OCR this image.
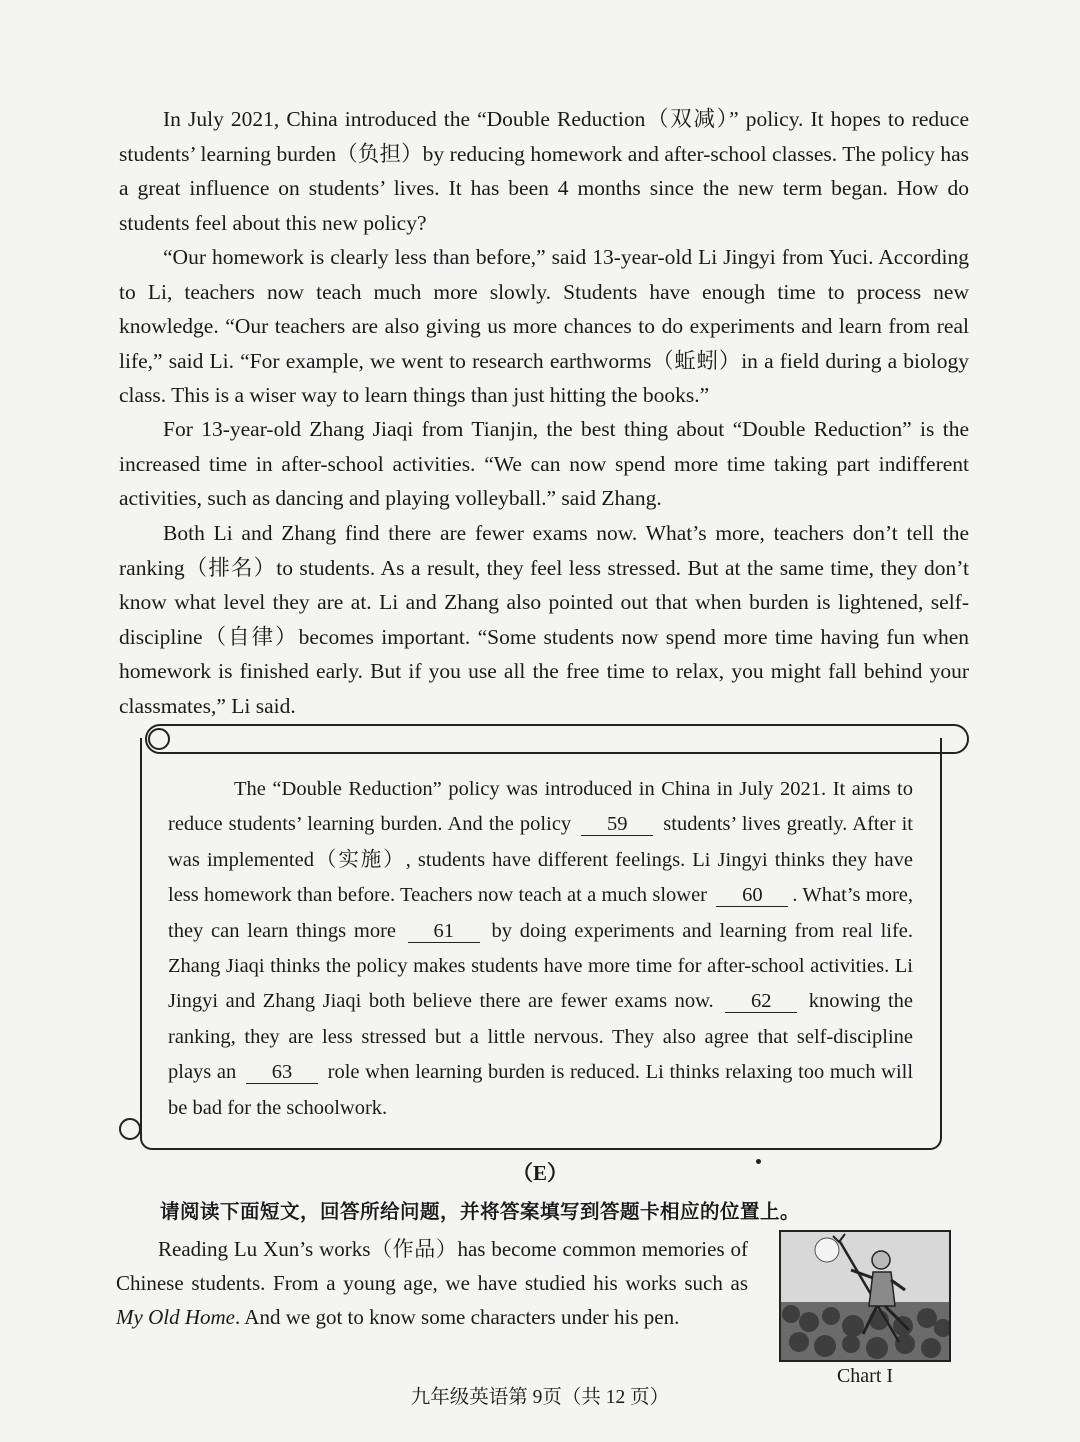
In July 2021, China introduced the “Double Reduction（双减）” policy. It hopes to reduce students’ learning burden（负担）by reducing homework and after-school classes. The policy has a great influence on students’ lives. It has been 4 months since the new term began. How do students feel about this new policy?

“Our homework is clearly less than before,” said 13-year-old Li Jingyi from Yuci. According to Li, teachers now teach much more slowly. Students have enough time to process new knowledge. “Our teachers are also giving us more chances to do experiments and learn from real life,” said Li. “For example, we went to research earthworms（蚯蚓）in a field during a biology class. This is a wiser way to learn things than just hitting the books.”

For 13-year-old Zhang Jiaqi from Tianjin, the best thing about “Double Reduction” is the increased time in after-school activities. “We can now spend more time taking part indifferent activities, such as dancing and playing volleyball.” said Zhang.

Both Li and Zhang find there are fewer exams now. What’s more, teachers don’t tell the ranking（排名）to students. As a result, they feel less stressed. But at the same time, they don’t know what level they are at. Li and Zhang also pointed out that when burden is lightened, self-discipline（自律）becomes important. “Some students now spend more time having fun when homework is finished early. But if you use all the free time to relax, you might fall behind your classmates,” Li said.

The “Double Reduction” policy was introduced in China in July 2021. It aims to reduce students’ learning burden. And the policy 59 students’ lives greatly. After it was implemented（实施）, students have different feelings. Li Jingyi thinks they have less homework than before. Teachers now teach at a much slower 60 . What’s more, they can learn things more 61 by doing experiments and learning from real life. Zhang Jiaqi thinks the policy makes students have more time for after-school activities. Li Jingyi and Zhang Jiaqi both believe there are fewer exams now. 62 knowing the ranking, they are less stressed but a little nervous. They also agree that self-discipline plays an 63 role when learning burden is reduced. Li thinks relaxing too much will be bad for the schoolwork.

（E）
请阅读下面短文，回答所给问题，并将答案填写到答题卡相应的位置上。

Reading Lu Xun’s works（作品）has become common memories of Chinese students. From a young age, we have studied his works such as My Old Home. And we got to know some characters under his pen.

Chart I
九年级英语第 9页（共 12 页）
